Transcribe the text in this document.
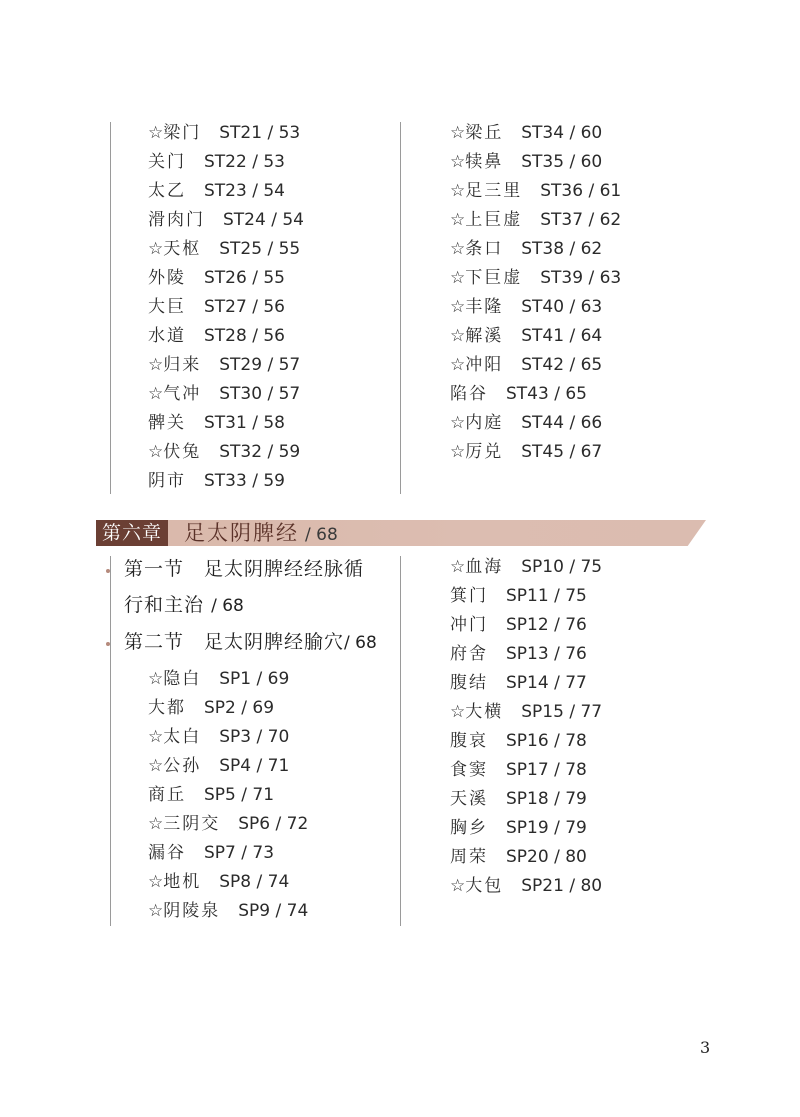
☆梁门 ST21 / 53
关门 ST22 / 53
太乙 ST23 / 54
滑肉门 ST24 / 54
☆天枢 ST25 / 55
外陵 ST26 / 55
大巨 ST27 / 56
水道 ST28 / 56
☆归来 ST29 / 57
☆气冲 ST30 / 57
髀关 ST31 / 58
☆伏兔 ST32 / 59
阴市 ST33 / 59
☆梁丘 ST34 / 60
☆犊鼻 ST35 / 60
☆足三里 ST36 / 61
☆上巨虚 ST37 / 62
☆条口 ST38 / 62
☆下巨虚 ST39 / 63
☆丰隆 ST40 / 63
☆解溪 ST41 / 64
☆冲阳 ST42 / 65
陷谷 ST43 / 65
☆内庭 ST44 / 66
☆厉兑 ST45 / 67
第六章 足太阴脾经 / 68
第一节　足太阴脾经经脉循
行和主治 / 68
第二节　足太阴脾经腧穴/ 68
☆隐白 SP1 / 69
大都 SP2 / 69
☆太白 SP3 / 70
☆公孙 SP4 / 71
商丘 SP5 / 71
☆三阴交 SP6 / 72
漏谷 SP7 / 73
☆地机 SP8 / 74
☆阴陵泉 SP9 / 74
☆血海 SP10 / 75
箕门 SP11 / 75
冲门 SP12 / 76
府舍 SP13 / 76
腹结 SP14 / 77
☆大横 SP15 / 77
腹哀 SP16 / 78
食窦 SP17 / 78
天溪 SP18 / 79
胸乡 SP19 / 79
周荣 SP20 / 80
☆大包 SP21 / 80
3
